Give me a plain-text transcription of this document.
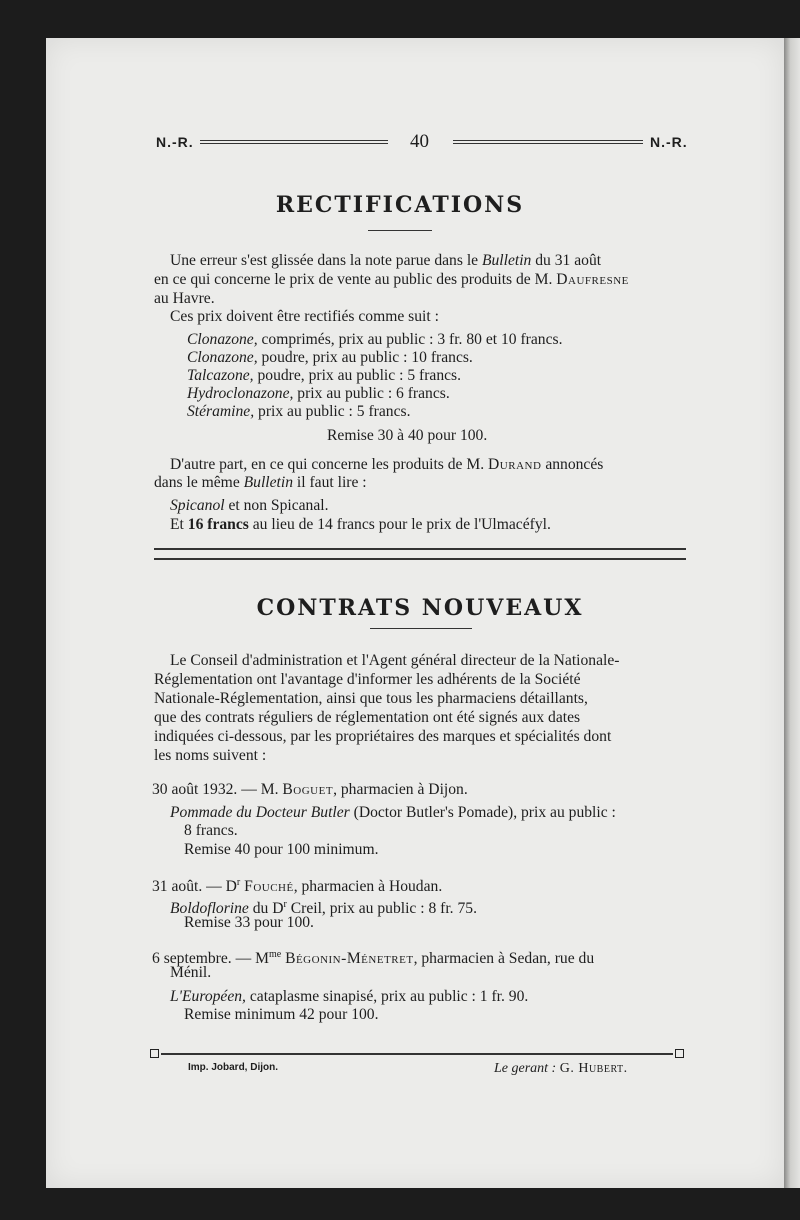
N.-R.	40	N.-R.
RECTIFICATIONS
Une erreur s'est glissée dans la note parue dans le Bulletin du 31 août
en ce qui concerne le prix de vente au public des produits de M. Daufresne
au Havre.
Ces prix doivent être rectifiés comme suit :
Clonazone, comprimés, prix au public : 3 fr. 80 et 10 francs.
Clonazone, poudre, prix au public : 10 francs.
Talcazone, poudre, prix au public : 5 francs.
Hydroclonazone, prix au public : 6 francs.
Stéramine, prix au public : 5 francs.
Remise 30 à 40 pour 100.
D'autre part, en ce qui concerne les produits de M. Durand annoncés
dans le même Bulletin il faut lire :
Spicanol et non Spicanal.
Et 16 francs au lieu de 14 francs pour le prix de l'Ulmacéfyl.
CONTRATS NOUVEAUX
Le Conseil d'administration et l'Agent général directeur de la Nationale-
Réglementation ont l'avantage d'informer les adhérents de la Société
Nationale-Réglementation, ainsi que tous les pharmaciens détaillants,
que des contrats réguliers de réglementation ont été signés aux dates
indiquées ci-dessous, par les propriétaires des marques et spécialités dont
les noms suivent :
30 août 1932. — M. Boguet, pharmacien à Dijon.
Pommade du Docteur Butler (Doctor Butler's Pomade), prix au public :
8 francs.
Remise 40 pour 100 minimum.
31 août. — $D^r$ Fouché, pharmacien à Houdan.
Boldoflorine du $D^r$ Creil, prix au public : 8 fr. 75.
Remise 33 pour 100.
6 septembre. — $M^{me}$ Bégonin-Ménetret, pharmacien à Sedan, rue du
Ménil.
L'Européen, cataplasme sinapisé, prix au public : 1 fr. 90.
Remise minimum 42 pour 100.
Imp. Jobard, Dijon.	Le gerant : G. Hubert.
